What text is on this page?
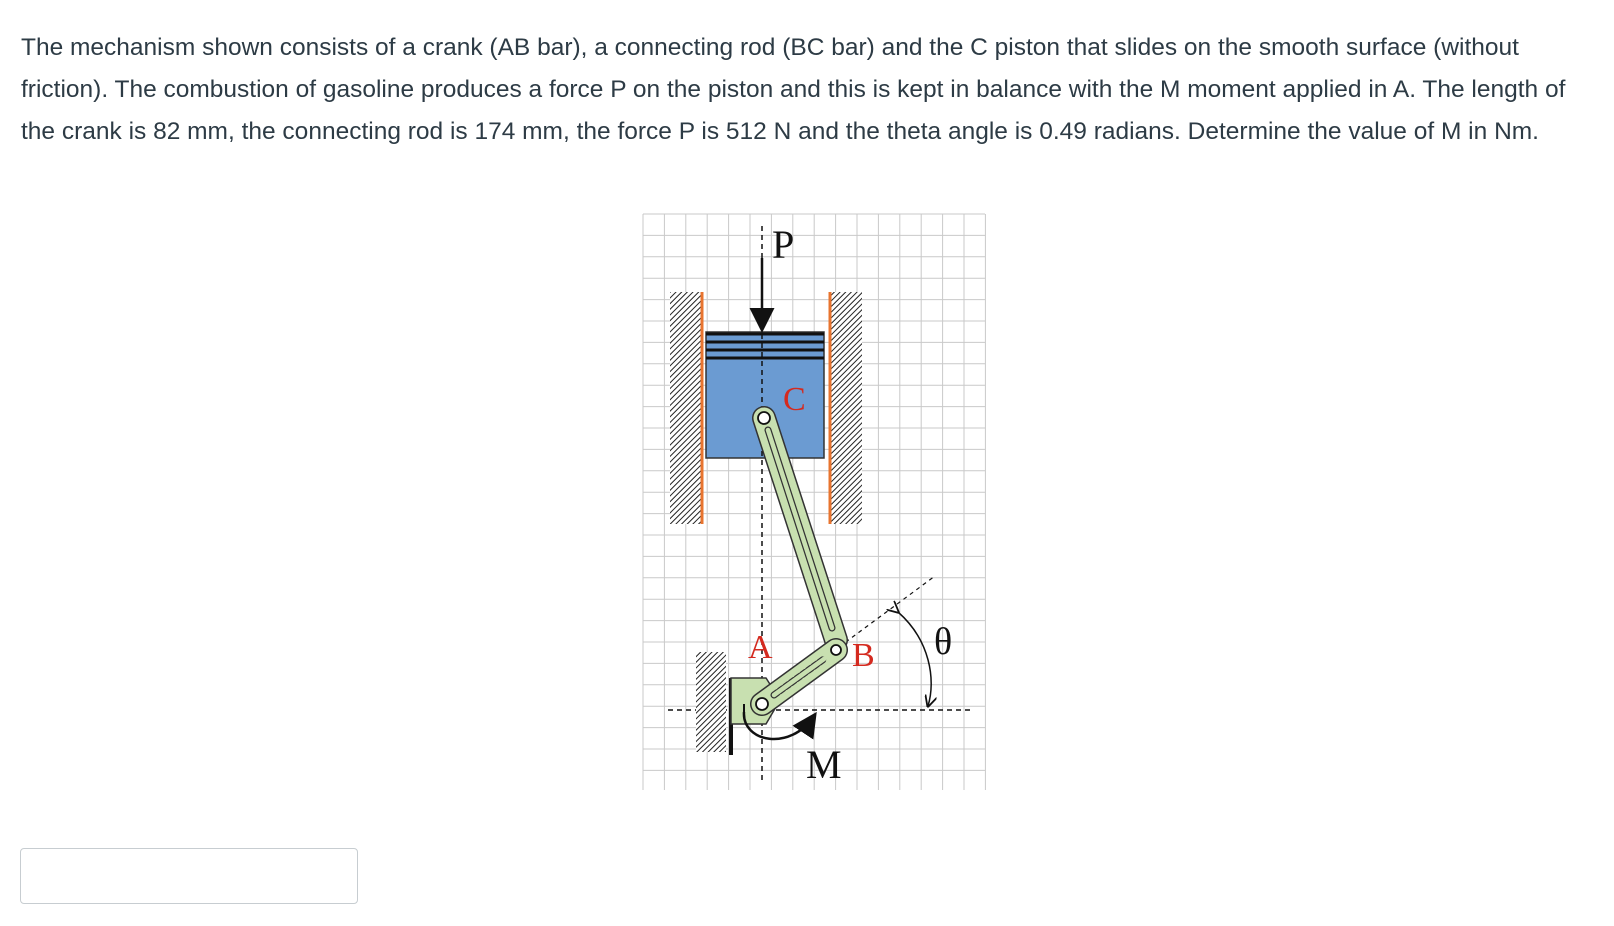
The mechanism shown consists of a crank (AB bar), a connecting rod (BC bar) and the C piston that slides on the smooth surface (without friction). The combustion of gasoline produces a force P on the piston and this is kept in balance with the M moment applied in A. The length of the crank is 82 mm, the connecting rod is 174 mm, the force P is 512 N and the theta angle is 0.49 radians. Determine the value of M in Nm.

P
C
A B θ
M
